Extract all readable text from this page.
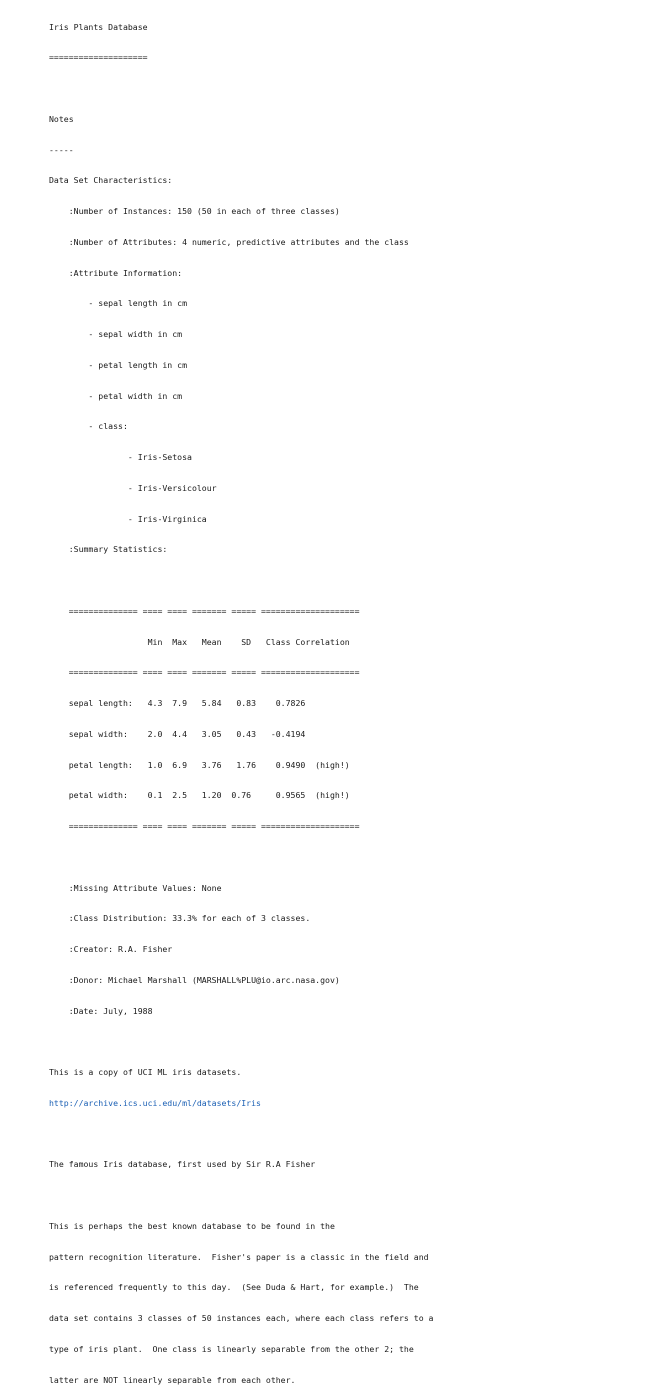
Iris Plants Database

====================

Notes

-----

Data Set Characteristics:

:Number of Instances: 150 (50 in each of three classes)

:Number of Attributes: 4 numeric, predictive attributes and the class

:Attribute Information:

- sepal length in cm

- sepal width in cm

- petal length in cm

- petal width in cm

- class:

- Iris-Setosa

- Iris-Versicolour

- Iris-Virginica

:Summary Statistics:

============== ==== ==== ======= ===== ====================

Min  Max   Mean    SD   Class Correlation

============== ==== ==== ======= ===== ====================

sepal length:   4.3  7.9   5.84   0.83    0.7826

sepal width:    2.0  4.4   3.05   0.43   -0.4194

petal length:   1.0  6.9   3.76   1.76    0.9490  (high!)

petal width:    0.1  2.5   1.20  0.76     0.9565  (high!)

============== ==== ==== ======= ===== ====================

:Missing Attribute Values: None

:Class Distribution: 33.3% for each of 3 classes.

:Creator: R.A. Fisher

:Donor: Michael Marshall (MARSHALL%PLU@io.arc.nasa.gov)

:Date: July, 1988

This is a copy of UCI ML iris datasets.

http://archive.ics.uci.edu/ml/datasets/Iris

The famous Iris database, first used by Sir R.A Fisher

This is perhaps the best known database to be found in the

pattern recognition literature.  Fisher's paper is a classic in the field and

is referenced frequently to this day.  (See Duda & Hart, for example.)  The

data set contains 3 classes of 50 instances each, where each class refers to a

type of iris plant.  One class is linearly separable from the other 2; the

latter are NOT linearly separable from each other.
